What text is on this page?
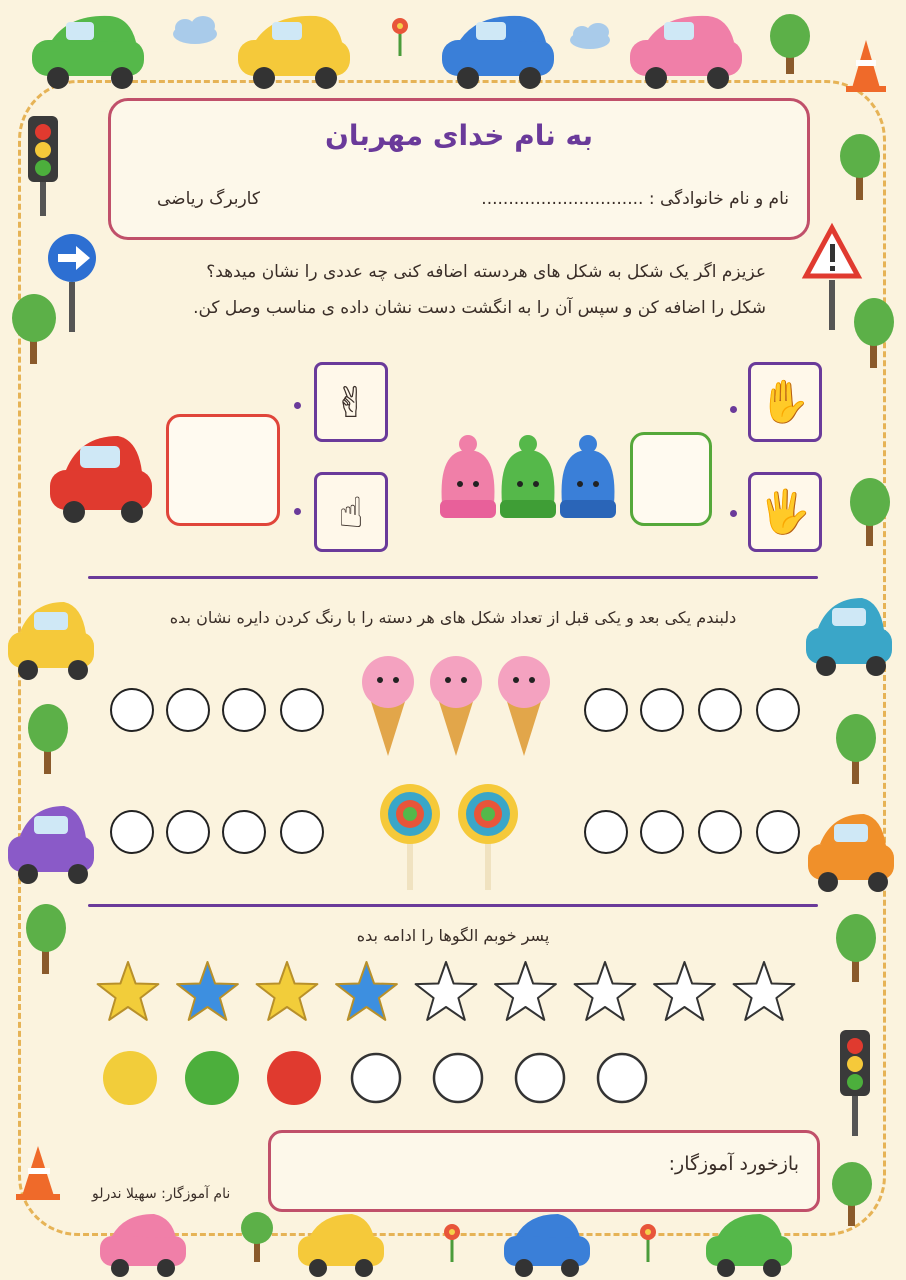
به نام خدای مهربان
نام و نام خانوادگی : ..............................
کاربرگ ریاضی
عزیزم اگر یک شکل به شکل های هردسته اضافه کنی چه عددی را نشان میدهد؟
شکل را اضافه کن و سپس آن را به انگشت دست نشان داده ی مناسب وصل کن.
✌
☝
✋
🖐
دلبندم یکی بعد و یکی قبل از تعداد شکل های هر دسته را با رنگ کردن دایره نشان بده
پسر خوبم الگوها را ادامه بده
بازخورد آموزگار:
نام آموزگار: سهیلا ندرلو
